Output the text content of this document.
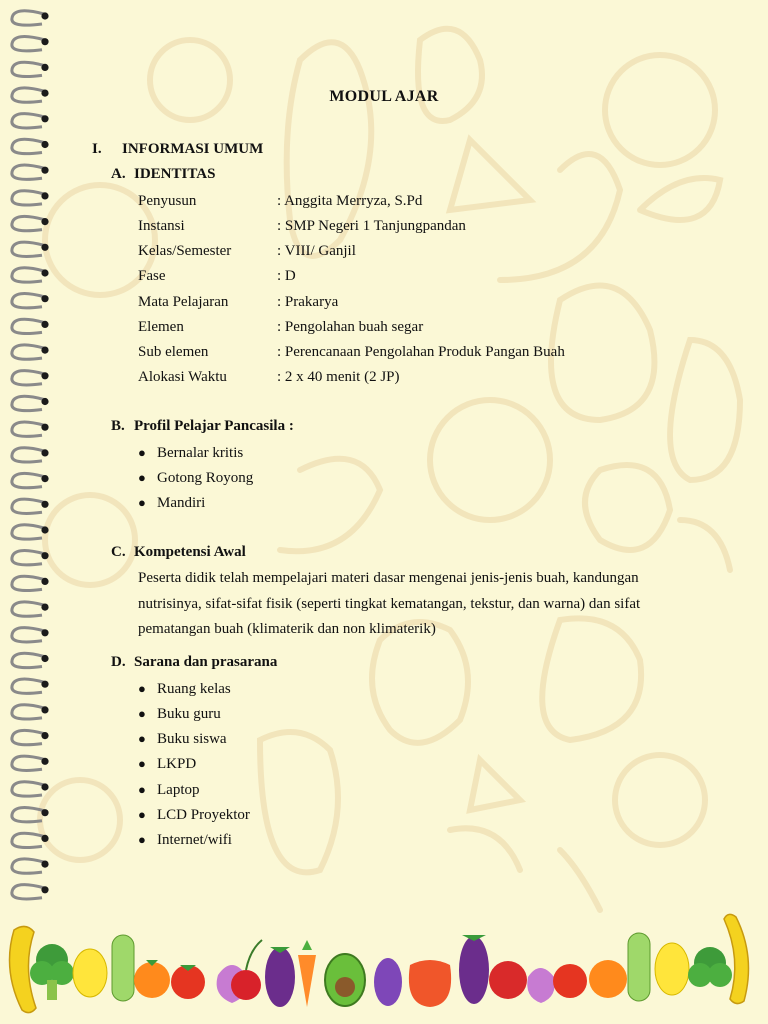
MODUL AJAR
I. INFORMASI UMUM
A. IDENTITAS
Penyusun	: Anggita Merryza, S.Pd
Instansi	: SMP Negeri 1 Tanjungpandan
Kelas/Semester	: VIII/ Ganjil
Fase	: D
Mata Pelajaran	: Prakarya
Elemen	: Pengolahan buah segar
Sub elemen	: Perencanaan Pengolahan Produk Pangan Buah
Alokasi Waktu	: 2 x 40 menit (2 JP)
B. Profil Pelajar Pancasila :
● Bernalar kritis
● Gotong Royong
● Mandiri
C. Kompetensi Awal
Peserta didik telah mempelajari materi dasar mengenai jenis-jenis buah, kandungan
nutrisinya, sifat-sifat fisik (seperti tingkat kematangan, tekstur, dan warna) dan sifat
pematangan buah (klimaterik dan non klimaterik)
D. Sarana dan prasarana
● Ruang kelas
● Buku guru
● Buku siswa
● LKPD
● Laptop
● LCD Proyektor
● Internet/wifi
